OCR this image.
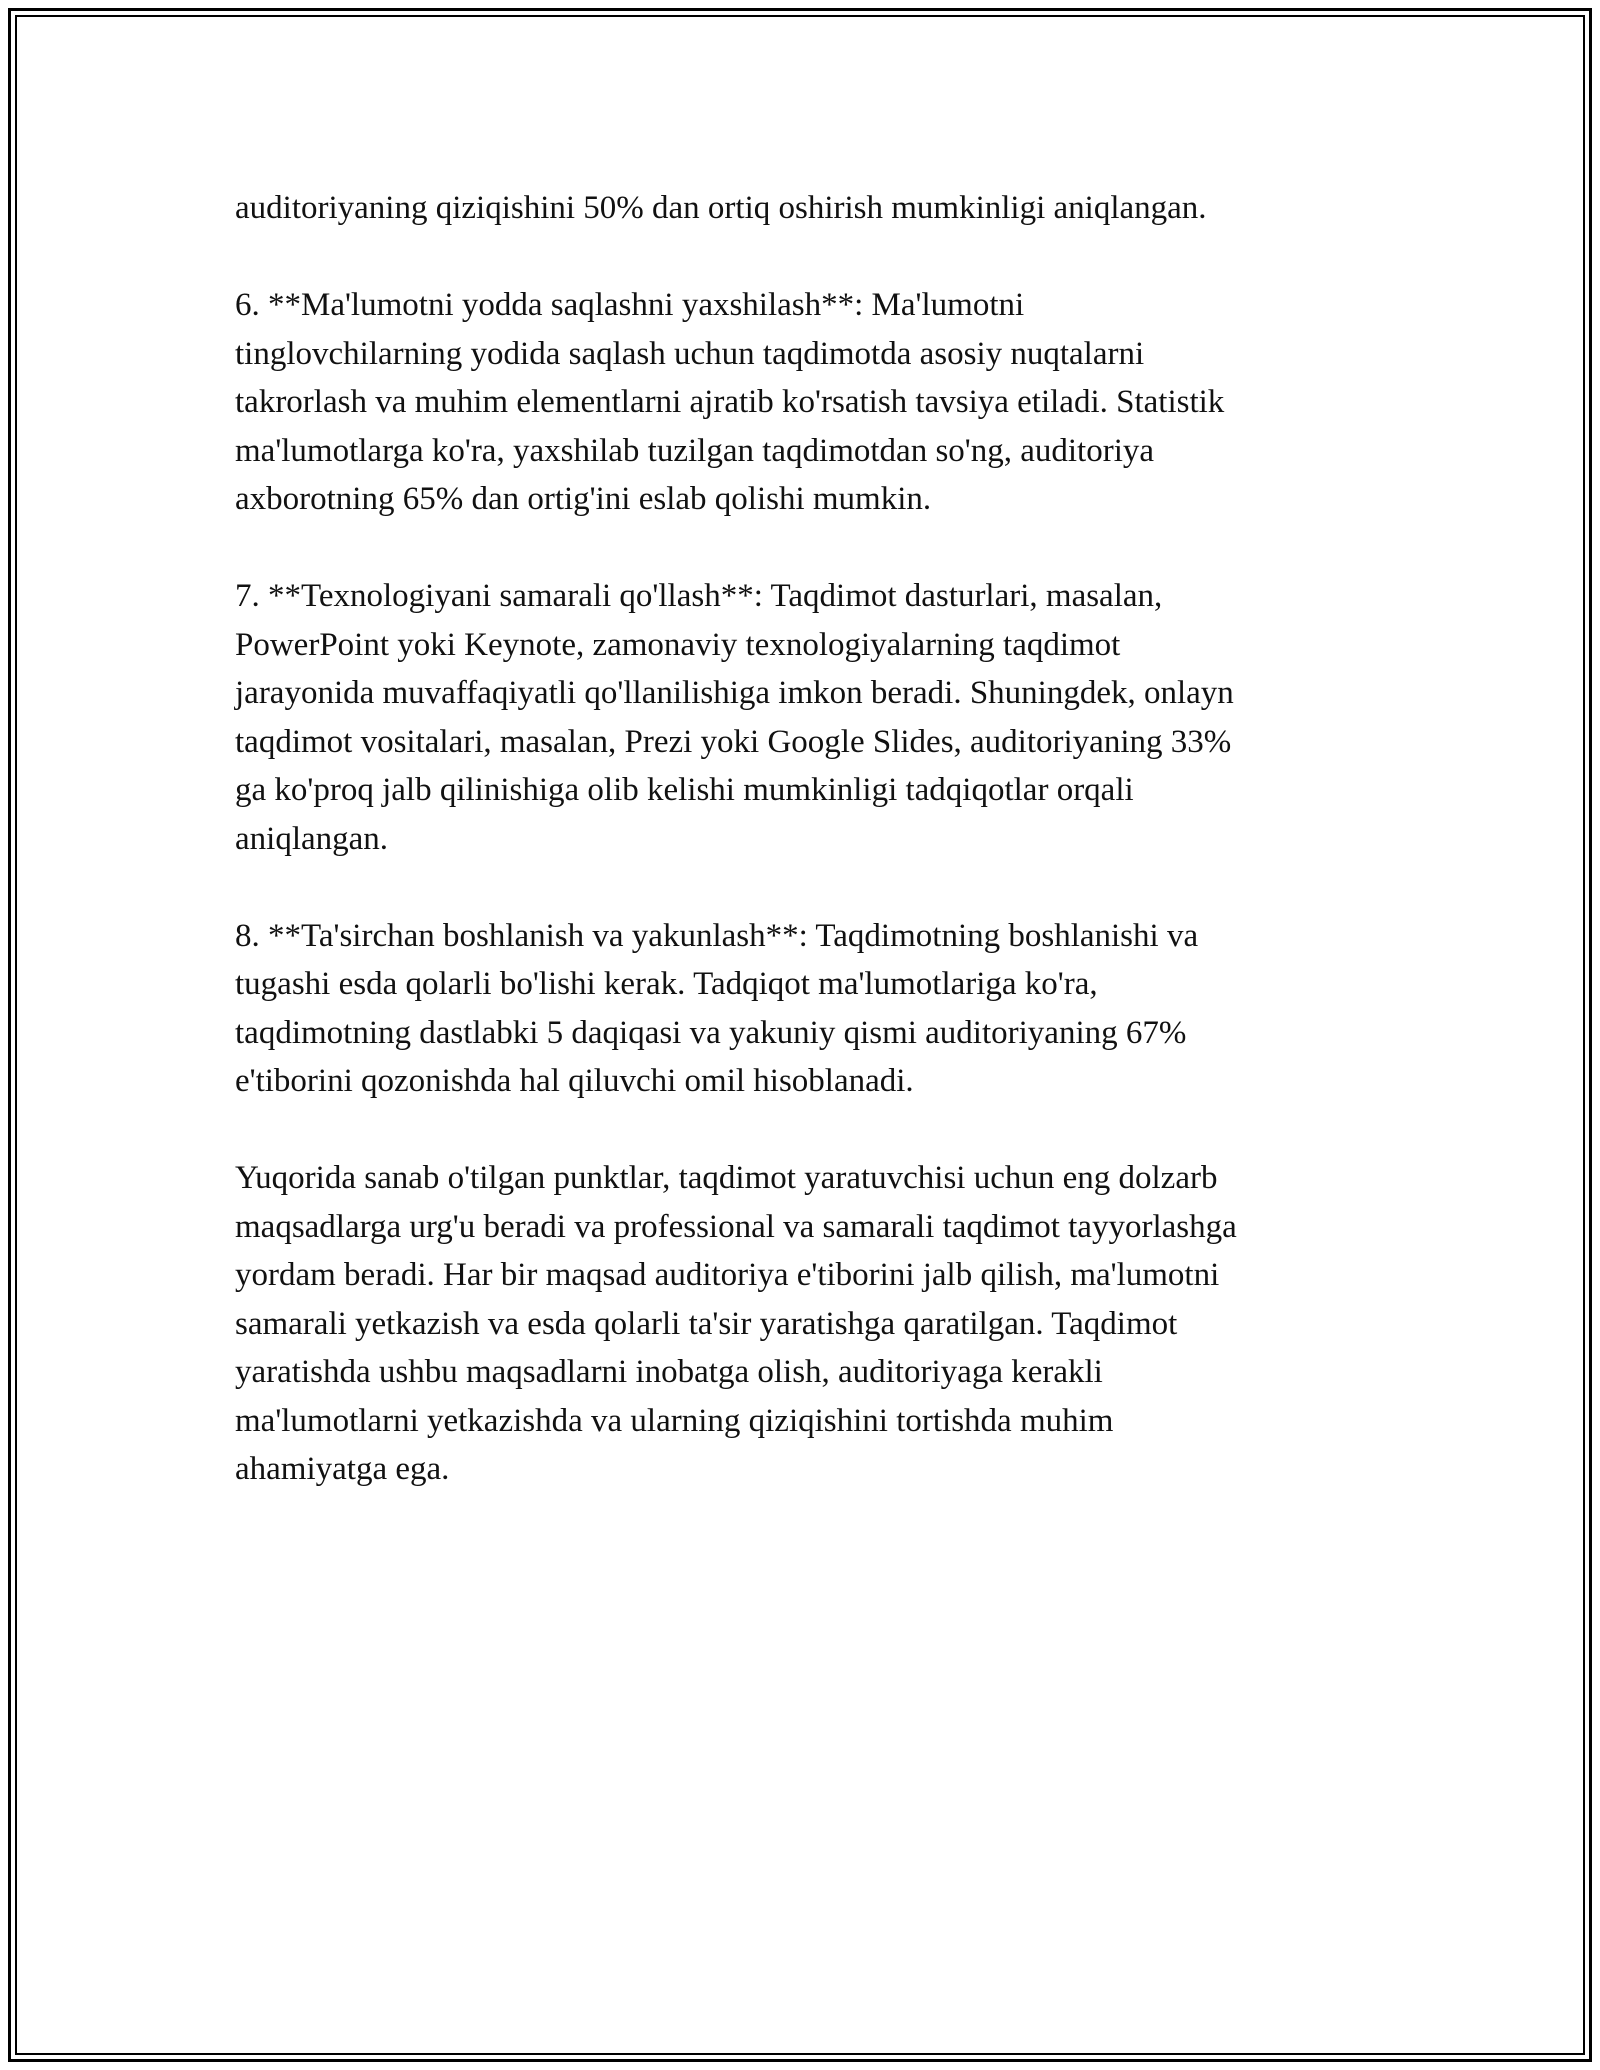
auditoriyaning qiziqishini 50% dan ortiq oshirish mumkinligi aniqlangan.

6. **Ma'lumotni yodda saqlashni yaxshilash**: Ma'lumotni
tinglovchilarning yodida saqlash uchun taqdimotda asosiy nuqtalarni
takrorlash va muhim elementlarni ajratib ko'rsatish tavsiya etiladi. Statistik
ma'lumotlarga ko'ra, yaxshilab tuzilgan taqdimotdan so'ng, auditoriya
axborotning 65% dan ortig'ini eslab qolishi mumkin.

7. **Texnologiyani samarali qo'llash**: Taqdimot dasturlari, masalan,
PowerPoint yoki Keynote, zamonaviy texnologiyalarning taqdimot
jarayonida muvaffaqiyatli qo'llanilishiga imkon beradi. Shuningdek, onlayn
taqdimot vositalari, masalan, Prezi yoki Google Slides, auditoriyaning 33%
ga ko'proq jalb qilinishiga olib kelishi mumkinligi tadqiqotlar orqali
aniqlangan.

8. **Ta'sirchan boshlanish va yakunlash**: Taqdimotning boshlanishi va
tugashi esda qolarli bo'lishi kerak. Tadqiqot ma'lumotlariga ko'ra,
taqdimotning dastlabki 5 daqiqasi va yakuniy qismi auditoriyaning 67%
e'tiborini qozonishda hal qiluvchi omil hisoblanadi.

Yuqorida sanab o'tilgan punktlar, taqdimot yaratuvchisi uchun eng dolzarb
maqsadlarga urg'u beradi va professional va samarali taqdimot tayyorlashga
yordam beradi. Har bir maqsad auditoriya e'tiborini jalb qilish, ma'lumotni
samarali yetkazish va esda qolarli ta'sir yaratishga qaratilgan. Taqdimot
yaratishda ushbu maqsadlarni inobatga olish, auditoriyaga kerakli
ma'lumotlarni yetkazishda va ularning qiziqishini tortishda muhim
ahamiyatga ega.
